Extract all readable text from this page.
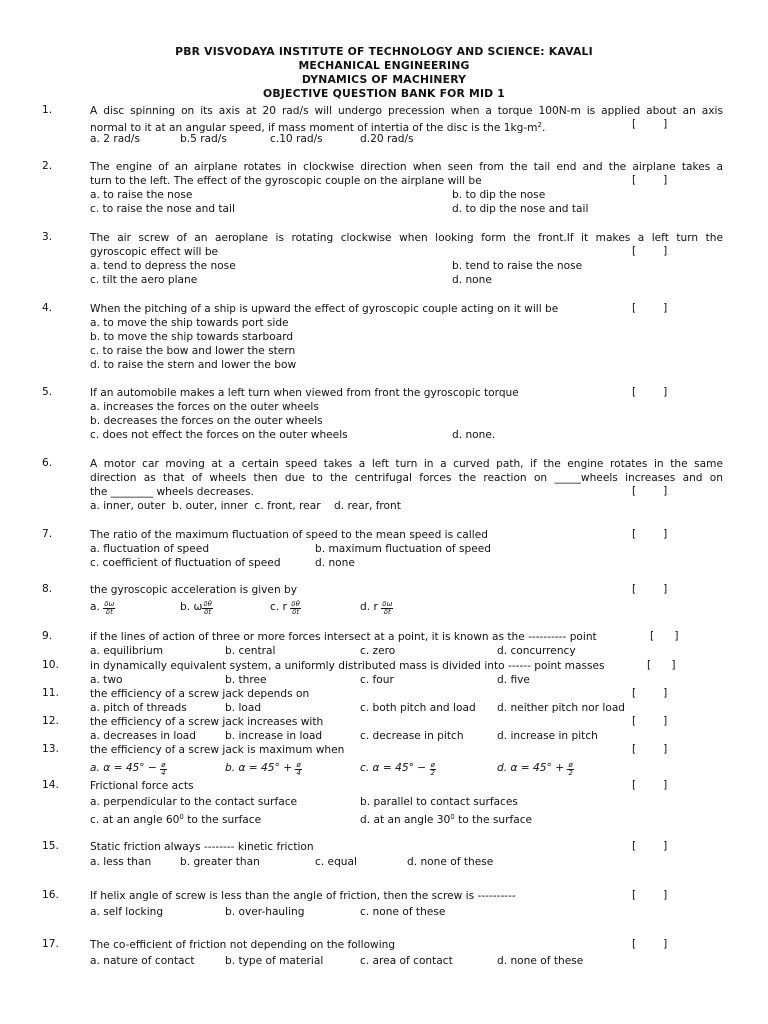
PBR VISVODAYA INSTITUTE OF TECHNOLOGY AND SCIENCE: KAVALI
MECHANICAL ENGINEERING
DYNAMICS OF MACHINERY
OBJECTIVE QUESTION BANK FOR MID 1
1.	A disc spinning on its axis at 20 rad/s will undergo precession when a torque 100N-m is applied about an axis
normal to it at an angular speed, if mass moment of intertia of the disc is the $1kg-m^2$.	[        ]
a. 2 rad/s	b.5 rad/s	c.10 rad/s	d.20 rad/s
2.	The engine of an airplane rotates in clockwise direction when seen from the tail end and the airplane takes a
turn to the left. The effect of the gyroscopic couple on the airplane will be	[        ]
a. to raise the nose	b. to dip the nose
c. to raise the nose and tail	d. to dip the nose and tail
3.	The air screw of an aeroplane is rotating clockwise when looking form the front.If it makes a left turn the
gyroscopic effect will be	[        ]
a. tend to depress the nose	b. tend to raise the nose
c. tilt the aero plane	d. none
4.	When the pitching of a ship is upward the effect of gyroscopic couple acting on it will be	[        ]
a. to move the ship towards port side
b. to move the ship towards starboard
c. to raise the bow and lower the stern
d. to raise the stern and lower the bow
5.	If an automobile makes a left turn when viewed from front the gyroscopic torque	[        ]
a. increases the forces on the outer wheels
b. decreases the forces on the outer wheels
c. does not effect the forces on the outer wheels	d. none.
6.	A motor car moving at a certain speed takes a left turn in a curved path, if the engine rotates in the same
direction as that of wheels then due to the centrifugal forces the reaction on _____wheels increases and on
the ________ wheels decreases.	[        ]
a. inner, outer  b. outer, inner  c. front, rear    d. rear, front
7.	The ratio of the maximum fluctuation of speed to the mean speed is called	[        ]
a. fluctuation of speed	b. maximum fluctuation of speed
c. coefficient of fluctuation of speed	d. none
8.	the gyroscopic acceleration is given by	[        ]
a. $\frac{\delta\omega}{\delta t}$	b. ω $\frac{\delta\theta}{\delta t}$	c. r $\frac{\delta\theta}{\delta t}$	d. r $\frac{\delta\omega}{\delta t}$
9.	if the lines of action of three or more forces intersect at a point, it is known as the ---------- point	[      ]
a. equilibrium	b. central	c. zero	d. concurrency
10.	in dynamically equivalent system, a uniformly distributed mass is divided into ------ point masses	[      ]
a. two	b. three	c. four	d. five
11.	the efficiency of a screw jack depends on	[        ]
a. pitch of threads	b. load	c. both pitch and load d. neither pitch nor load
12.	the efficiency of a screw jack increases with	[        ]
a. decreases in load	b. increase in load	c. decrease in pitch	d. increase in pitch
13.	the efficiency of a screw jack is maximum when	[        ]
a. $\alpha = 45^\circ - \frac{ø}{4}$	b. $\alpha = 45^\circ + \frac{ø}{4}$	c. $\alpha = 45^\circ - \frac{ø}{2}$	d. $\alpha = 45^\circ + \frac{ø}{2}$
14.	Frictional force acts	[        ]
a. perpendicular to the contact surface	b. parallel to contact surfaces
c. at an angle $60^0$ to the surface	d. at an angle $30^0$ to the surface
15.	Static friction always -------- kinetic friction	[        ]
a. less than	b. greater than	c. equal	d. none of these
16.	If helix angle of screw is less than the angle of friction, then the screw is ----------	[        ]
a. self locking	b. over-hauling	c. none of these
17.	The co-efficient of friction not depending on the following	[        ]
a. nature of contact	b. type of material	c. area of contact	d. none of these
